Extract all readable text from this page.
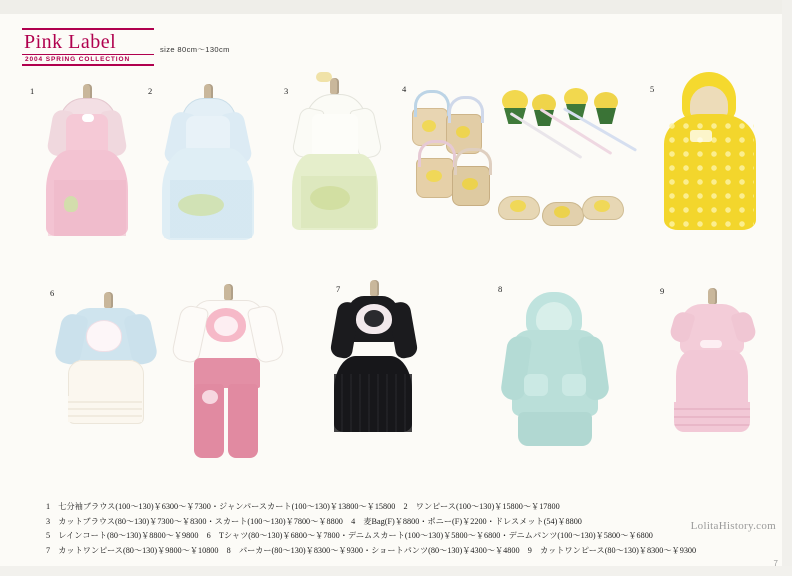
Pink Label
2004 SPRING COLLECTION
size 80cm〜130cm
1	2	3	4	5
6	7	8	9
1　七分袖ブラウス(100〜130)￥6300〜￥7300・ジャンパースカート(100〜130)￥13800〜￥15800　2　ワンピース(100〜130)￥15800〜￥17800
3　カットブラウス(80〜130)￥7300〜￥8300・スカート(100〜130)￥7800〜￥8800　4　麦Bag(F)￥8800・ポニー(F)￥2200・ドレスメット(54)￥8800
5　レインコート(80〜130)￥8800〜￥9800　6　Tシャツ(80〜130)￥6800〜￥7800・デニムスカート(100〜130)￥5800〜￥6800・デニムパンツ(100〜130)￥5800〜￥6800
7　カットワンピース(80〜130)￥9800〜￥10800　8　パーカー(80〜130)￥8300〜￥9300・ショートパンツ(80〜130)￥4300〜￥4800　9　カットワンピース(80〜130)￥8300〜￥9300
LolitaHistory.com
7
